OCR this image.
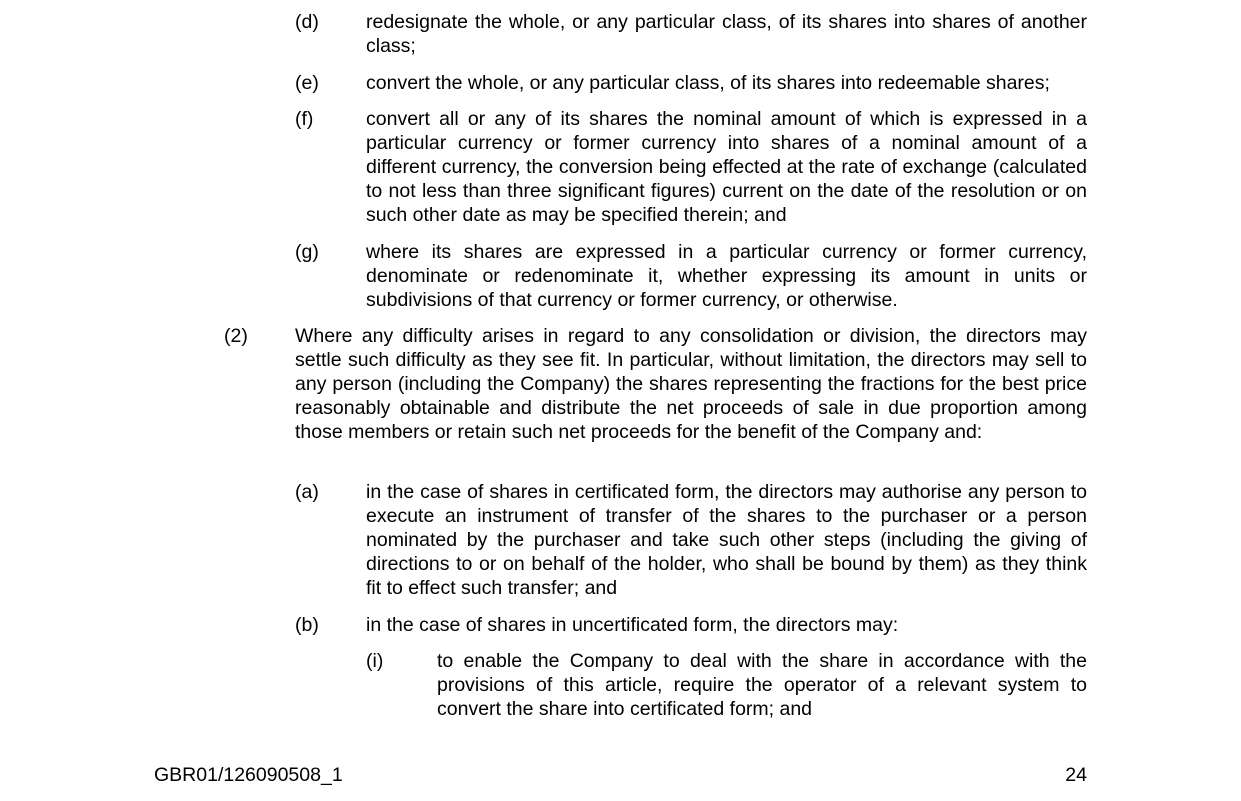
(d) redesignate the whole, or any particular class, of its shares into shares of another class;
(e) convert the whole, or any particular class, of its shares into redeemable shares;
(f)	convert all or any of its shares the nominal amount of which is expressed in a particular currency or former currency into shares of a nominal amount of a different currency, the conversion being effected at the rate of exchange (calculated to not less than three significant figures) current on the date of the resolution or on such other date as may be specified therein; and
(g) where its shares are expressed in a particular currency or former currency, denominate or redenominate it, whether expressing its amount in units or subdivisions of that currency or former currency, or otherwise.
(2) Where any difficulty arises in regard to any consolidation or division, the directors may settle such difficulty as they see fit. In particular, without limitation, the directors may sell to any person (including the Company) the shares representing the fractions for the best price reasonably obtainable and distribute the net proceeds of sale in due proportion among those members or retain such net proceeds for the benefit of the Company and:
(a) in the case of shares in certificated form, the directors may authorise any person to execute an instrument of transfer of the shares to the purchaser or a person nominated by the purchaser and take such other steps (including the giving of directions to or on behalf of the holder, who shall be bound by them) as they think fit to effect such transfer; and
(b) in the case of shares in uncertificated form, the directors may:
(i)	to enable the Company to deal with the share in accordance with the provisions of this article, require the operator of a relevant system to convert the share into certificated form; and
GBR01/126090508_1	24
